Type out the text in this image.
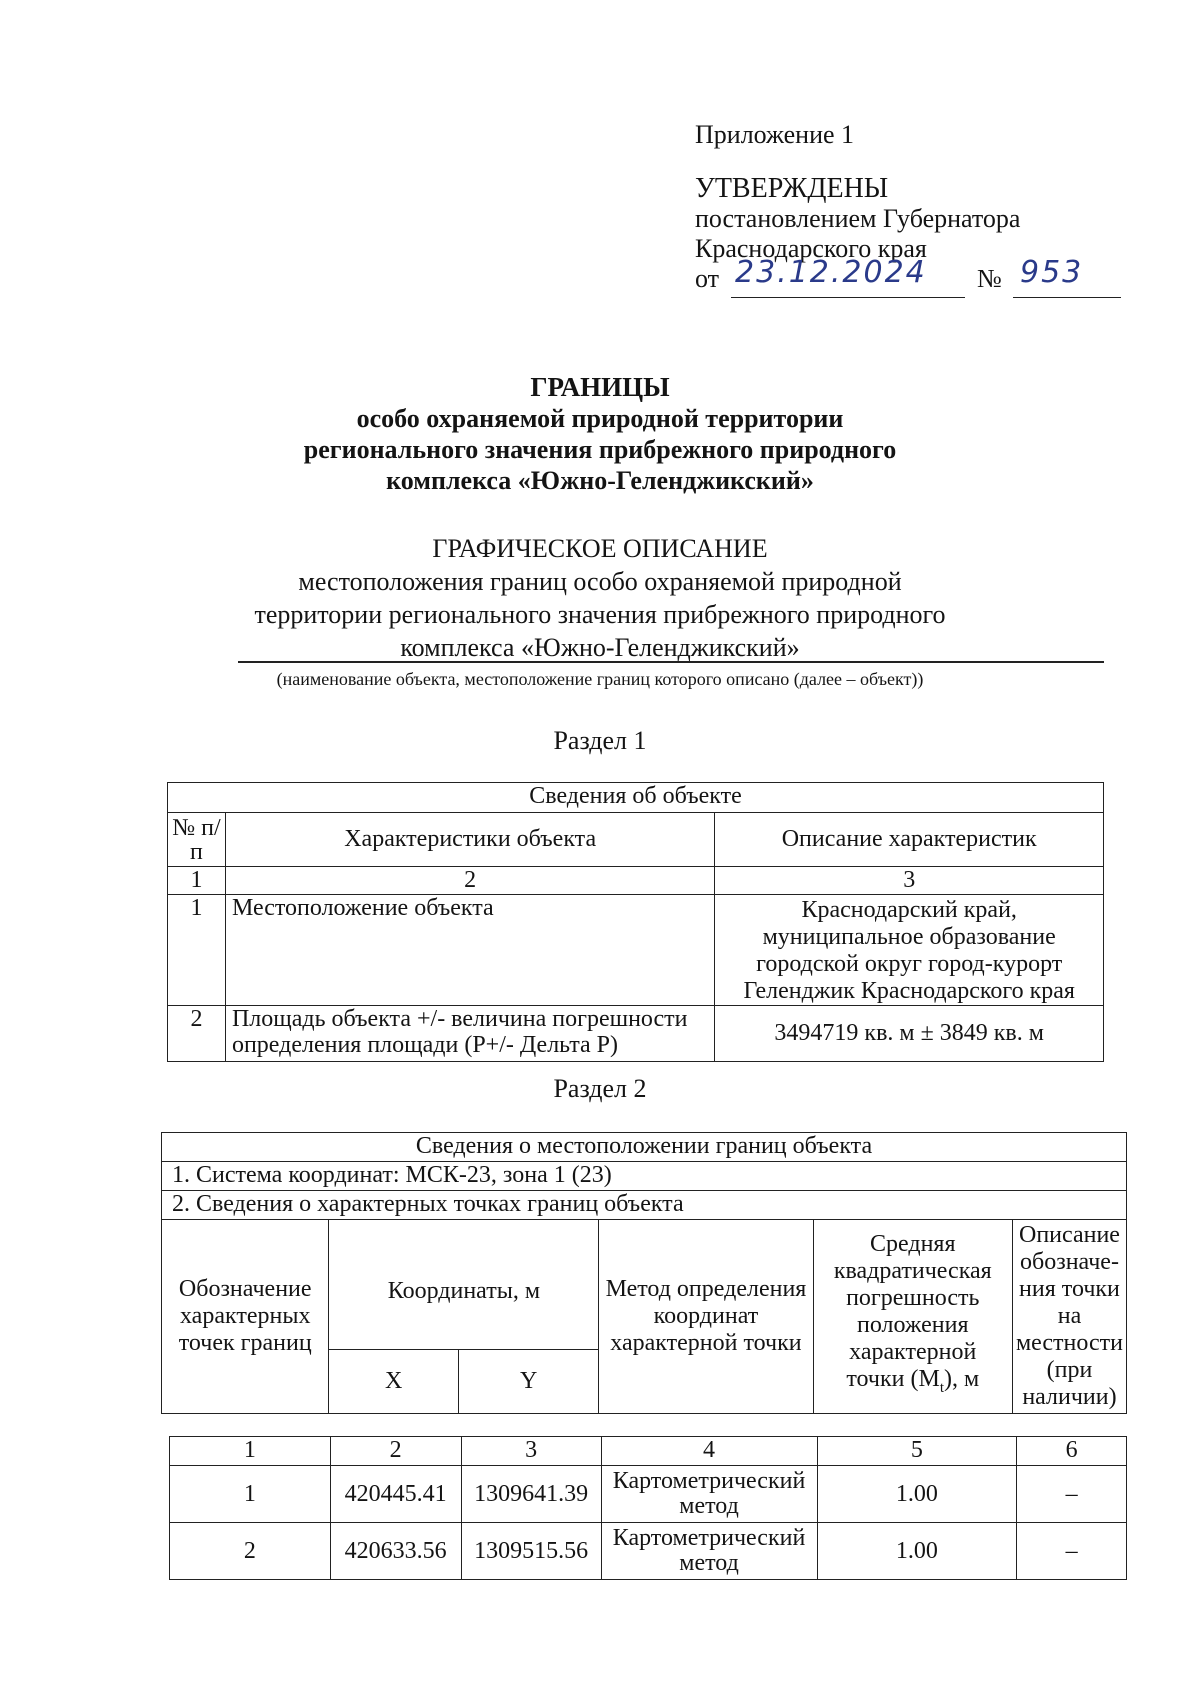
Приложение 1
УТВЕРЖДЕНЫ
постановлением Губернатора
Краснодарского края
от 23.12.2024 № 953
ГРАНИЦЫ
особо охраняемой природной территории
регионального значения прибрежного природного
комплекса «Южно-Геленджикский»
ГРАФИЧЕСКОЕ ОПИСАНИЕ
местоположения границ особо охраняемой природной
территории регионального значения прибрежного природного
комплекса «Южно-Геленджикский»
(наименование объекта, местоположение границ которого описано (далее – объект))
Раздел 1
Сведения об объекте		
№ п/п	Характеристики объекта	Описание характеристик
1	2	3
1	Местоположение объекта	Краснодарский край, муниципальное образование городской округ город-курорт Геленджик Краснодарского края
2	Площадь объекта +/- величина погрешности определения площади (Р+/- Дельта Р)	3494719 кв. м ± 3849 кв. м
Раздел 2
Сведения о местоположении границ объекта					
1. Система координат: МСК-23, зона 1 (23)					
2. Сведения о характерных точках границ объекта					
Обозначение характерных точек границ	Координаты, м		Метод определения координат характерной точки	Средняя квадратическая погрешность положения характерной точки $(M_t)$, м	Описание обозначе-ния точки на местности (при наличии)
	X	Y			
1	2	3	4	5	6
1	420445.41	1309641.39	Картометрический метод	1.00	–
2	420633.56	1309515.56	Картометрический метод	1.00	–
